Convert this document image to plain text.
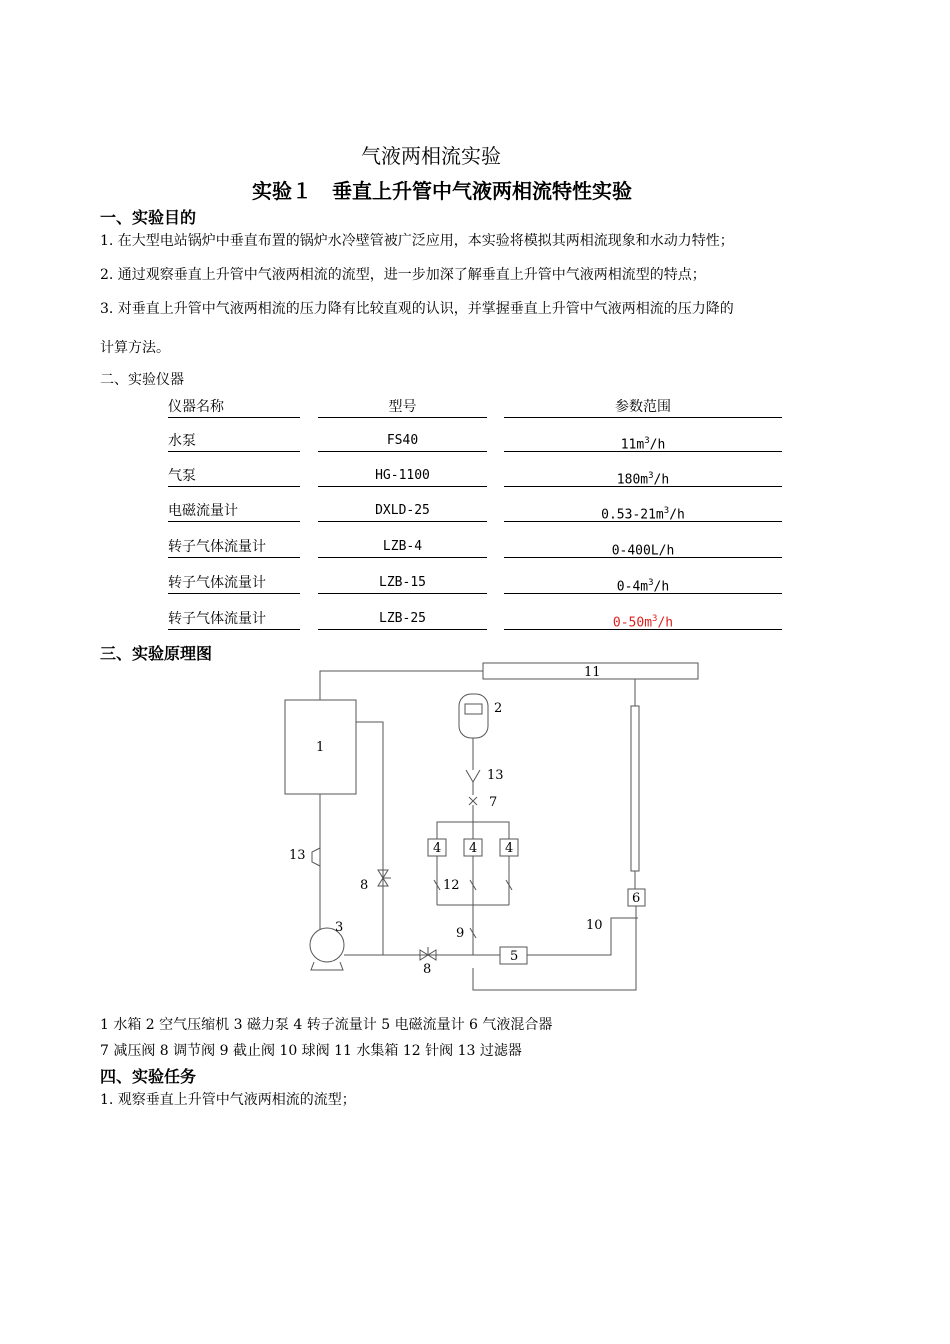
气液两相流实验
实验１　垂直上升管中气液两相流特性实验
一、实验目的
1. 在大型电站锅炉中垂直布置的锅炉水冷壁管被广泛应用，本实验将模拟其两相流现象和水动力特性；
2. 通过观察垂直上升管中气液两相流的流型，进一步加深了解垂直上升管中气液两相流型的特点；
3. 对垂直上升管中气液两相流的压力降有比较直观的认识，并掌握垂直上升管中气液两相流的压力降的
计算方法。
二、实验仪器
仪器名称	型号	参数范围
水泵	FS40	$11m^3/h$
气泵	HG-1100	$180m^3/h$
电磁流量计	DXLD-25	$0.53-21m^3/h$
转子气体流量计	LZB-4	0-400L/h
转子气体流量计	LZB-15	$0-4m^3/h$
转子气体流量计	LZB-25	$0-50m^3/h$
三、实验原理图
11
1
2
13
7
4 4 4
12
13
8
3	9
10
6
5
8
1 水箱 2 空气压缩机 3 磁力泵 4 转子流量计 5 电磁流量计 6 气液混合器
7 减压阀 8 调节阀 9 截止阀 10 球阀 11 水集箱 12 针阀 13 过滤器
四、实验任务
1. 观察垂直上升管中气液两相流的流型；
